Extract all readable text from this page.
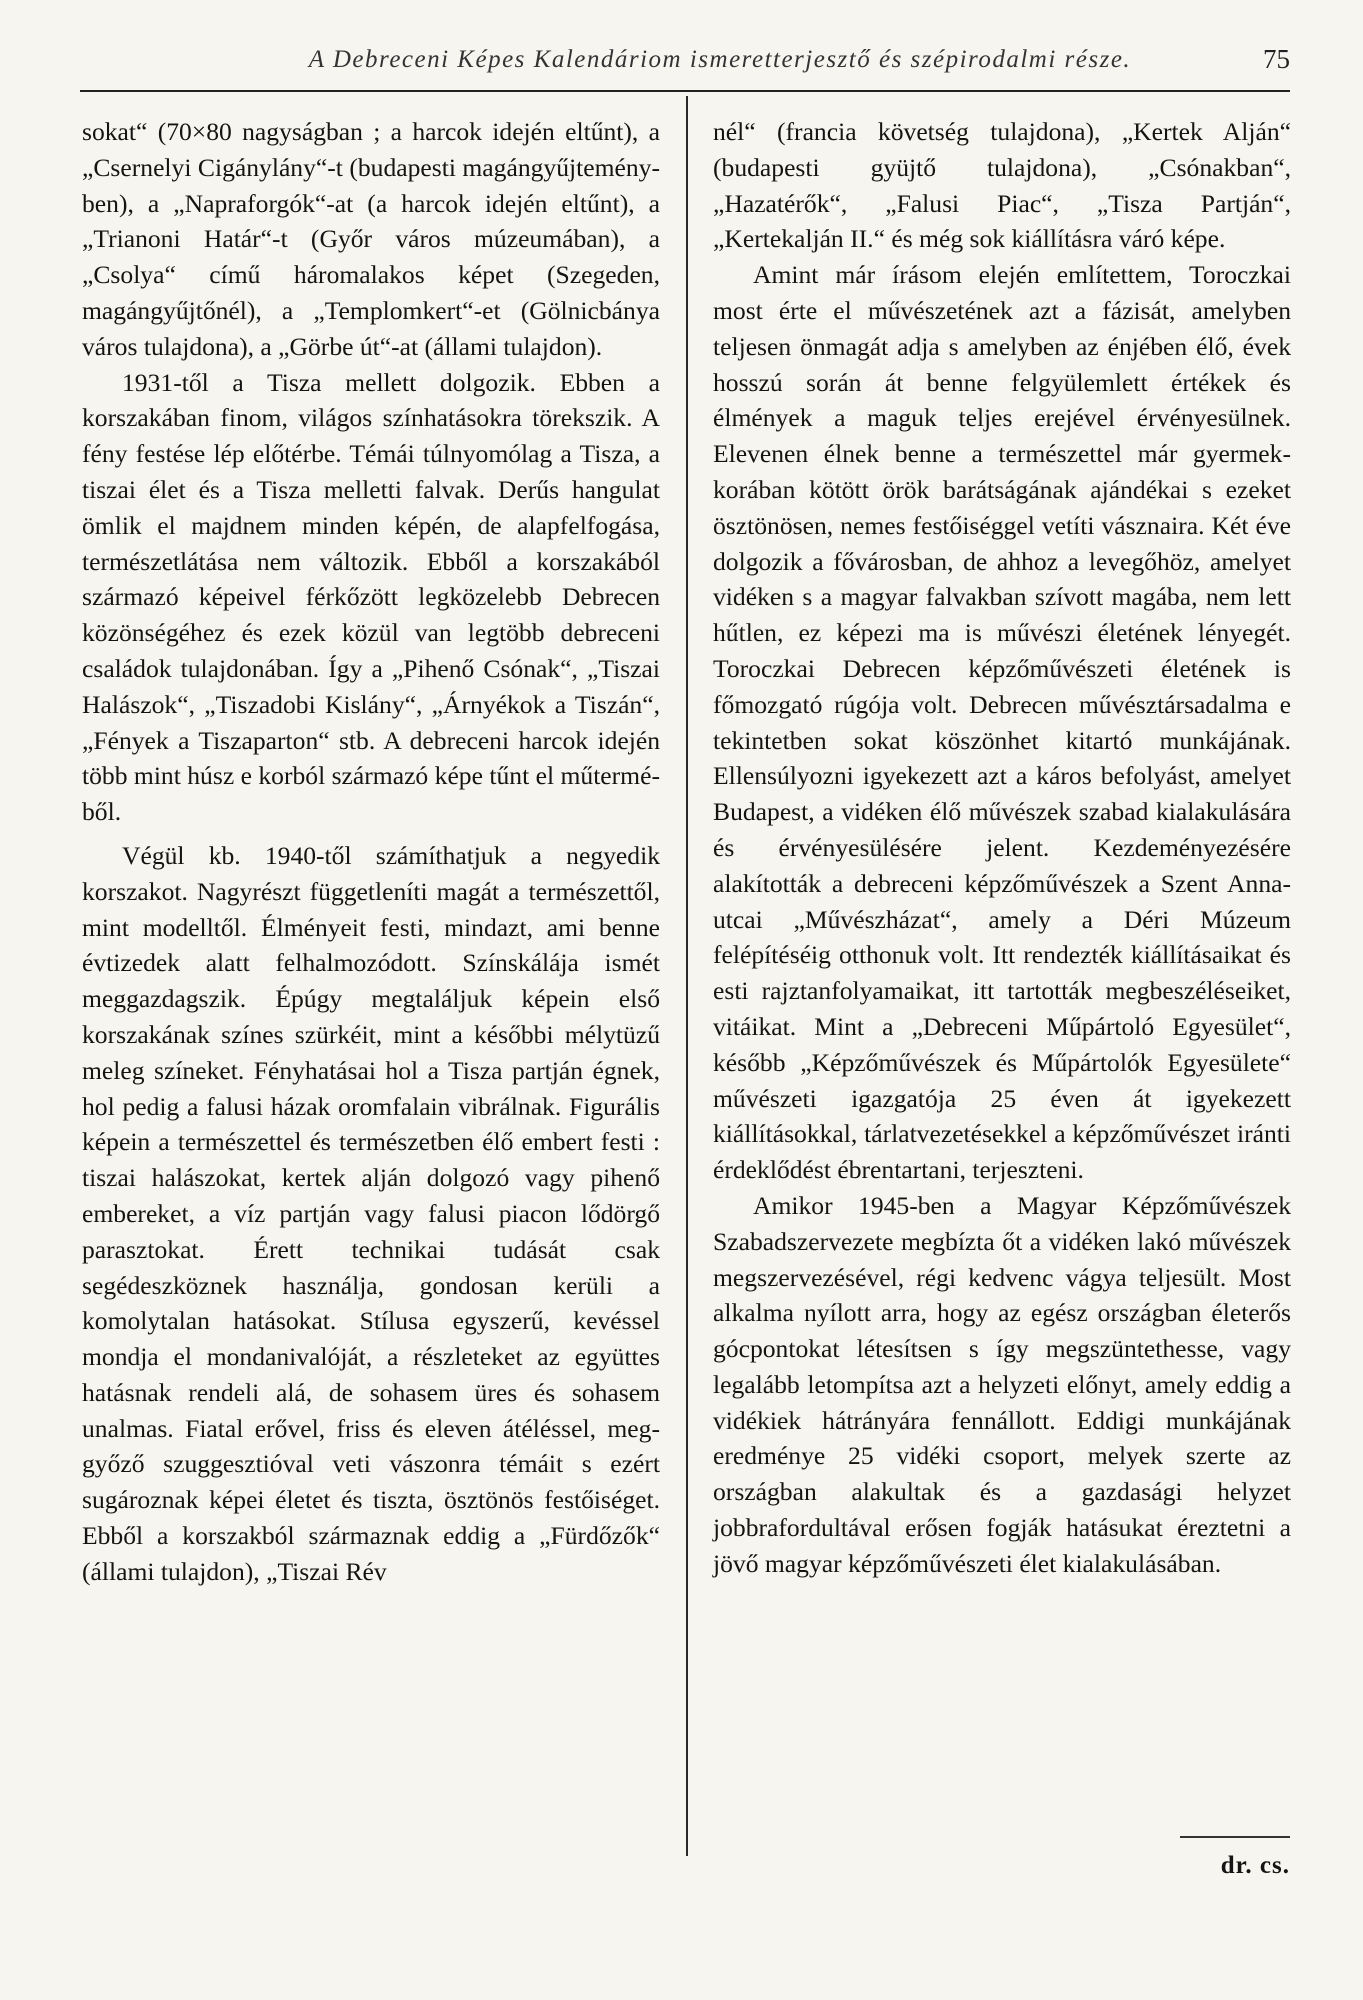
A Debreceni Képes Kalendáriom ismeretterjesztő és szépirodalmi része.	75

sokat“ (70×80 nagyságban ; a harcok idején eltűnt), a „Csernelyi Cigánylány“-t (budapesti magángyűjteményben), a „Napraforgók“-at (a harcok idején eltűnt), a „Trianoni Határ“-t (Győr város múzeumában), a „Csolya“ című háromalakos képet (Szegeden, magángyűjtőnél), a „Templomkert“-et (Gölnicbánya város tulajdona), a „Görbe út“-at (állami tulajdon).

1931-től a Tisza mellett dolgozik. Ebben a korszakában finom, világos színhatásokra törekszik. A fény festése lép előtérbe. Témái túlnyomólag a Tisza, a tiszai élet és a Tisza melletti falvak. Derűs hangulat ömlik el majdnem minden képén, de alapfelfogása, természetlátása nem változik. Ebből a korszakából származó képeivel férkőzött legközelebb Debrecen közönségéhez és ezek közül van legtöbb debreceni családok tulajdonában. Így a „Pihenő Csónak“, „Tiszai Halászok“, „Tiszadobi Kislány“, „Árnyékok a Tiszán“, „Fények a Tiszaparton“ stb. A debreceni harcok idején több mint húsz e korból származó képe tűnt el műterméből.

Végül kb. 1940-től számíthatjuk a negyedik korszakot. Nagyrészt függetleníti magát a természettől, mint modelltől. Élményeit festi, mindazt, ami benne évtizedek alatt felhalmozódott. Színskálája ismét meggazdagszik. Épúgy megtaláljuk képein első korszakának színes szürkéit, mint a későbbi mélytüzű meleg színeket. Fényhatásai hol a Tisza partján égnek, hol pedig a falusi házak oromfalain vibrálnak. Figurális képein a természettel és természetben élő embert festi : tiszai halászokat, kertek alján dolgozó vagy pihenő embereket, a víz partján vagy falusi piacon lődörgő parasztokat. Érett technikai tudását csak segédeszköznek használja, gondosan kerüli a komolytalan hatásokat. Stílusa egyszerű, kevéssel mondja el mondanivalóját, a részleteket az együttes hatásnak rendeli alá, de sohasem üres és sohasem unalmas. Fiatal erővel, friss és eleven átéléssel, meggyőző szuggesztióval veti vászonra témáit s ezért sugároznak képei életet és tiszta, ösztönös festőiséget. Ebből a korszakból származnak eddig a „Fürdőzők“ (állami tulajdon), „Tiszai Rév

nél“ (francia követség tulajdona), „Kertek Alján“ (budapesti gyüjtő tulajdona), „Csónakban“, „Hazatérők“, „Falusi Piac“, „Tisza Partján“, „Kertekalján II.“ és még sok kiállításra váró képe.

Amint már írásom elején említettem, Toroczkai most érte el művészetének azt a fázisát, amelyben teljesen önmagát adja s amelyben az énjében élő, évek hosszú során át benne felgyülemlett értékek és élmények a maguk teljes erejével érvényesülnek. Elevenen élnek benne a természettel már gyermekkorában kötött örök barátságának ajándékai s ezeket ösztönösen, nemes festőiséggel vetíti vásznaira. Két éve dolgozik a fővárosban, de ahhoz a levegőhöz, amelyet vidéken s a magyar falvakban szívott magába, nem lett hűtlen, ez képezi ma is művészi életének lényegét. Toroczkai Debrecen képzőművészeti életének is főmozgató rúgója volt. Debrecen művésztársadalma e tekintetben sokat köszönhet kitartó munkájának. Ellensúlyozni igyekezett azt a káros befolyást, amelyet Budapest, a vidéken élő művészek szabad kialakulására és érvényesülésére jelent. Kezdeményezésére alakították a debreceni képzőművészek a Szent Anna-utcai „Művészházat“, amely a Déri Múzeum felépítéséig otthonuk volt. Itt rendezték kiállításaikat és esti rajztanfolyamaikat, itt tartották megbeszéléseiket, vitáikat. Mint a „Debreceni Műpártoló Egyesület“, később „Képzőművészek és Műpártolók Egyesülete“ művészeti igazgatója 25 éven át igyekezett kiállításokkal, tárlatvezetésekkel a képzőművészet iránti érdeklődést ébrentartani, terjeszteni.

Amikor 1945-ben a Magyar Képzőművészek Szabadszervezete megbízta őt a vidéken lakó művészek megszervezésével, régi kedvenc vágya teljesült. Most alkalma nyílott arra, hogy az egész országban életerős gócpontokat létesítsen s így megszüntethesse, vagy legalább letompítsa azt a helyzeti előnyt, amely eddig a vidékiek hátrányára fennállott. Eddigi munkájának eredménye 25 vidéki csoport, melyek szerte az országban alakultak és a gazdasági helyzet jobbrafordultával erősen fogják hatásukat éreztetni a jövő magyar képzőművészeti élet kialakulásában.

dr. cs.
